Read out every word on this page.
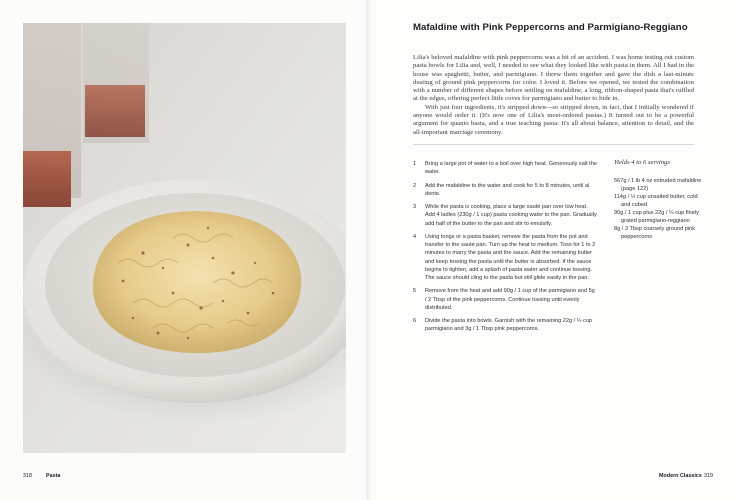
Mafaldine with Pink Peppercorns and Parmigiano-Reggiano

Lilia's beloved mafaldine with pink peppercorns was a bit of an accident. I was home testing out custom pasta bowls for Lilia and, well, I needed to see what they looked like with pasta in them. All I had in the house was spaghetti, butter, and parmigiano. I threw them together and gave the dish a last-minute dusting of ground pink peppercorns for color. I loved it. Before we opened, we tested the combination with a number of different shapes before settling on mafaldine, a long, ribbon-shaped pasta that's ruffled at the edges, offering perfect little coves for parmigiano and butter to hide in.

With just four ingredients, it's stripped down—so stripped down, in fact, that I initially wondered if anyone would order it. (It's now one of Lilia's most-ordered pastas.) It turned out to be a powerful argument for quanto basta, and a true teaching pasta: It's all about balance, attention to detail, and the all-important marriage ceremony.

1 Bring a large pot of water to a boil over high heat. Generously salt the water.
2 Add the mafaldine to the water and cook for 5 to 8 minutes, until al dente.
3 While the pasta is cooking, place a large sauté pan over low heat. Add 4 ladles (230g / 1 cup) pasta cooking water to the pan. Gradually add half of the butter to the pan and stir to emulsify.
4 Using tongs or a pasta basket, remove the pasta from the pot and transfer to the sauté pan. Turn up the heat to medium. Toss for 1 to 2 minutes to marry the pasta and the sauce. Add the remaining butter and keep tossing the pasta until the butter is absorbed. If the sauce begins to tighten, add a splash of pasta water and continue tossing. The sauce should cling to the pasta but still glide easily in the pan.
5 Remove from the heat and add 90g / 1 cup of the parmigiano and 5g / 2 Tbsp of the pink peppercorns. Continue tossing until evenly distributed.
6 Divide the pasta into bowls. Garnish with the remaining 22g / ¼ cup parmigiano and 3g / 1 Tbsp pink peppercorns.
Yields 4 to 6 servings

567g / 1 lb 4 oz extruded mafaldine (page 122)

114g / ½ cup unsalted butter, cold and cubed

90g / 1 cup plus 22g / ¼ cup finely grated parmigiano-reggiano

8g / 3 Tbsp coarsely ground pink peppercorns

318	Pasta	Modern Classics 319
